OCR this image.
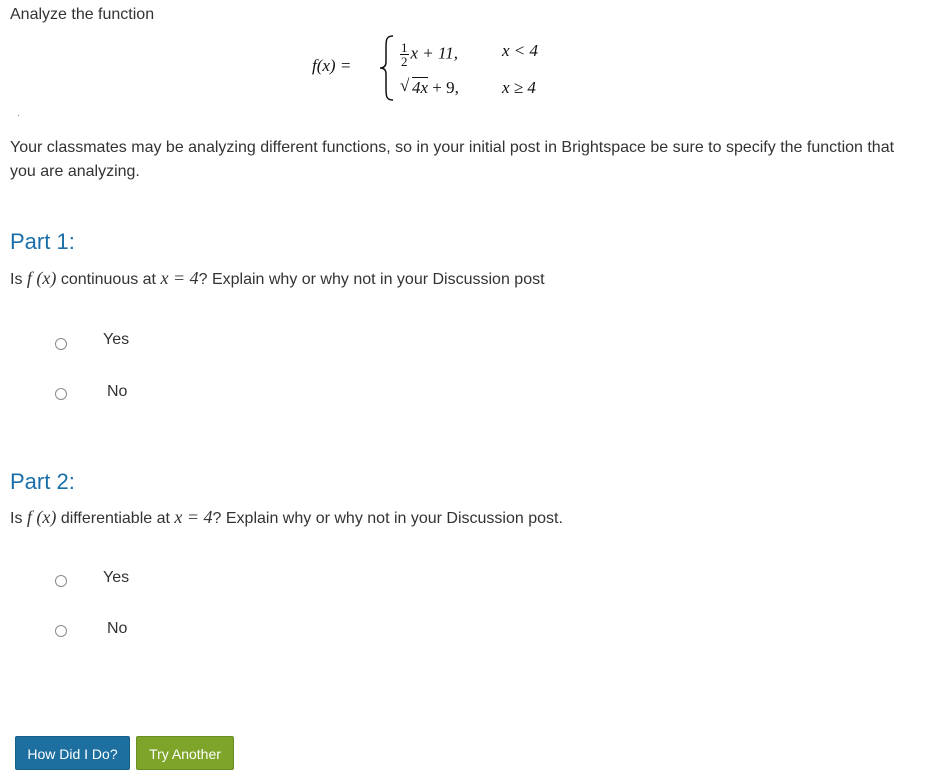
Analyze the function
f(x) =	$\frac{1}{2}$ x + 11,	x < 4
√ 4x + 9,	x ≥ 4
.
Your classmates may be analyzing different functions, so in your initial post in Brightspace be sure to specify the function that you are analyzing.
Part 1:
Is f (x) continuous at x = 4? Explain why or why not in your Discussion post
Yes
No
Part 2:
Is f (x) differentiable at x = 4? Explain why or why not in your Discussion post.
Yes
No
How Did I Do?	Try Another
